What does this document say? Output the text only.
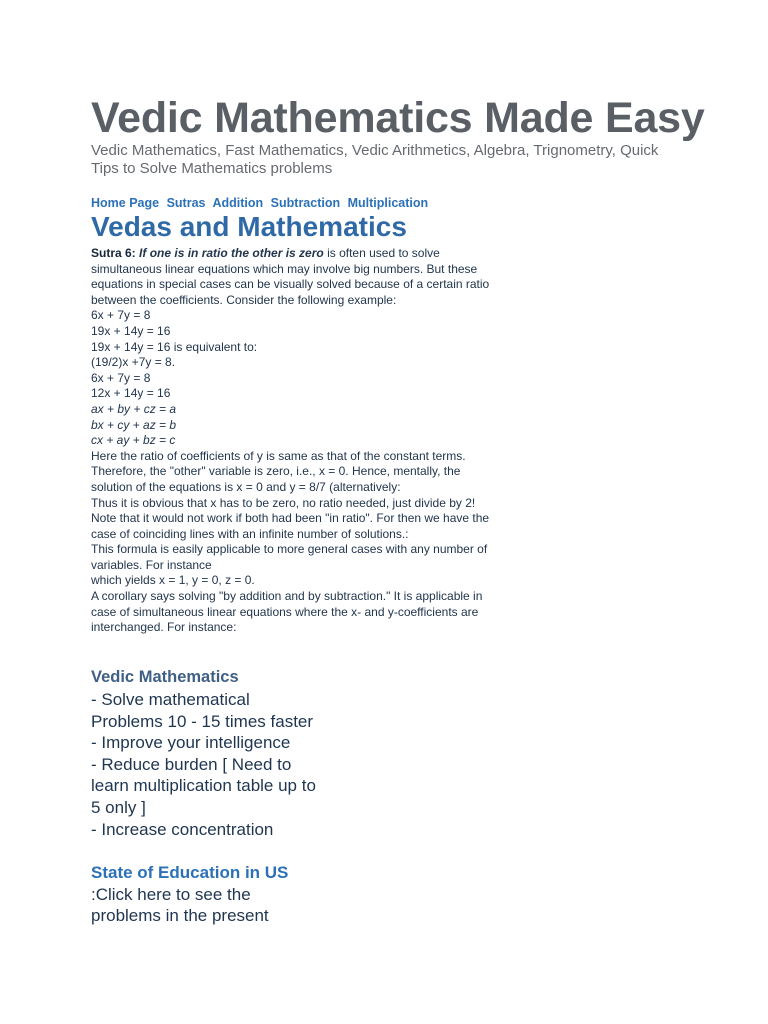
Vedic Mathematics Made Easy

Vedic Mathematics, Fast Mathematics, Vedic Arithmetics, Algebra, Trignometry, Quick

Tips to Solve Mathematics problems

Home Page Sutras Addition Subtraction Multiplication
Vedas and Mathematics

Sutra 6: If one is in ratio the other is zero is often used to solve simultaneous linear equations which may involve big numbers. But these equations in special cases can be visually solved because of a certain ratio between the coefficients. Consider the following example:

6x + 7y = 8

19x + 14y = 16

19x + 14y = 16 is equivalent to:

(19/2)x +7y = 8.

6x + 7y = 8

12x + 14y = 16

ax + by + cz = a

bx + cy + az = b

cx + ay + bz = c

Here the ratio of coefficients of y is same as that of the constant terms. Therefore, the "other" variable is zero, i.e., x = 0. Hence, mentally, the solution of the equations is x = 0 and y = 8/7 (alternatively:

Thus it is obvious that x has to be zero, no ratio needed, just divide by 2!

Note that it would not work if both had been "in ratio". For then we have the case of coinciding lines with an infinite number of solutions.:

This formula is easily applicable to more general cases with any number of variables. For instance

which yields x = 1, y = 0, z = 0.

A corollary says solving "by addition and by subtraction." It is applicable in case of simultaneous linear equations where the x- and y-coefficients are interchanged. For instance:

Vedic Mathematics

- Solve mathematical Problems 10 - 15 times faster

- Improve your intelligence

- Reduce burden [ Need to learn multiplication table up to 5 only ]

- Increase concentration

State of Education in US :Click here to see the problems in the present
